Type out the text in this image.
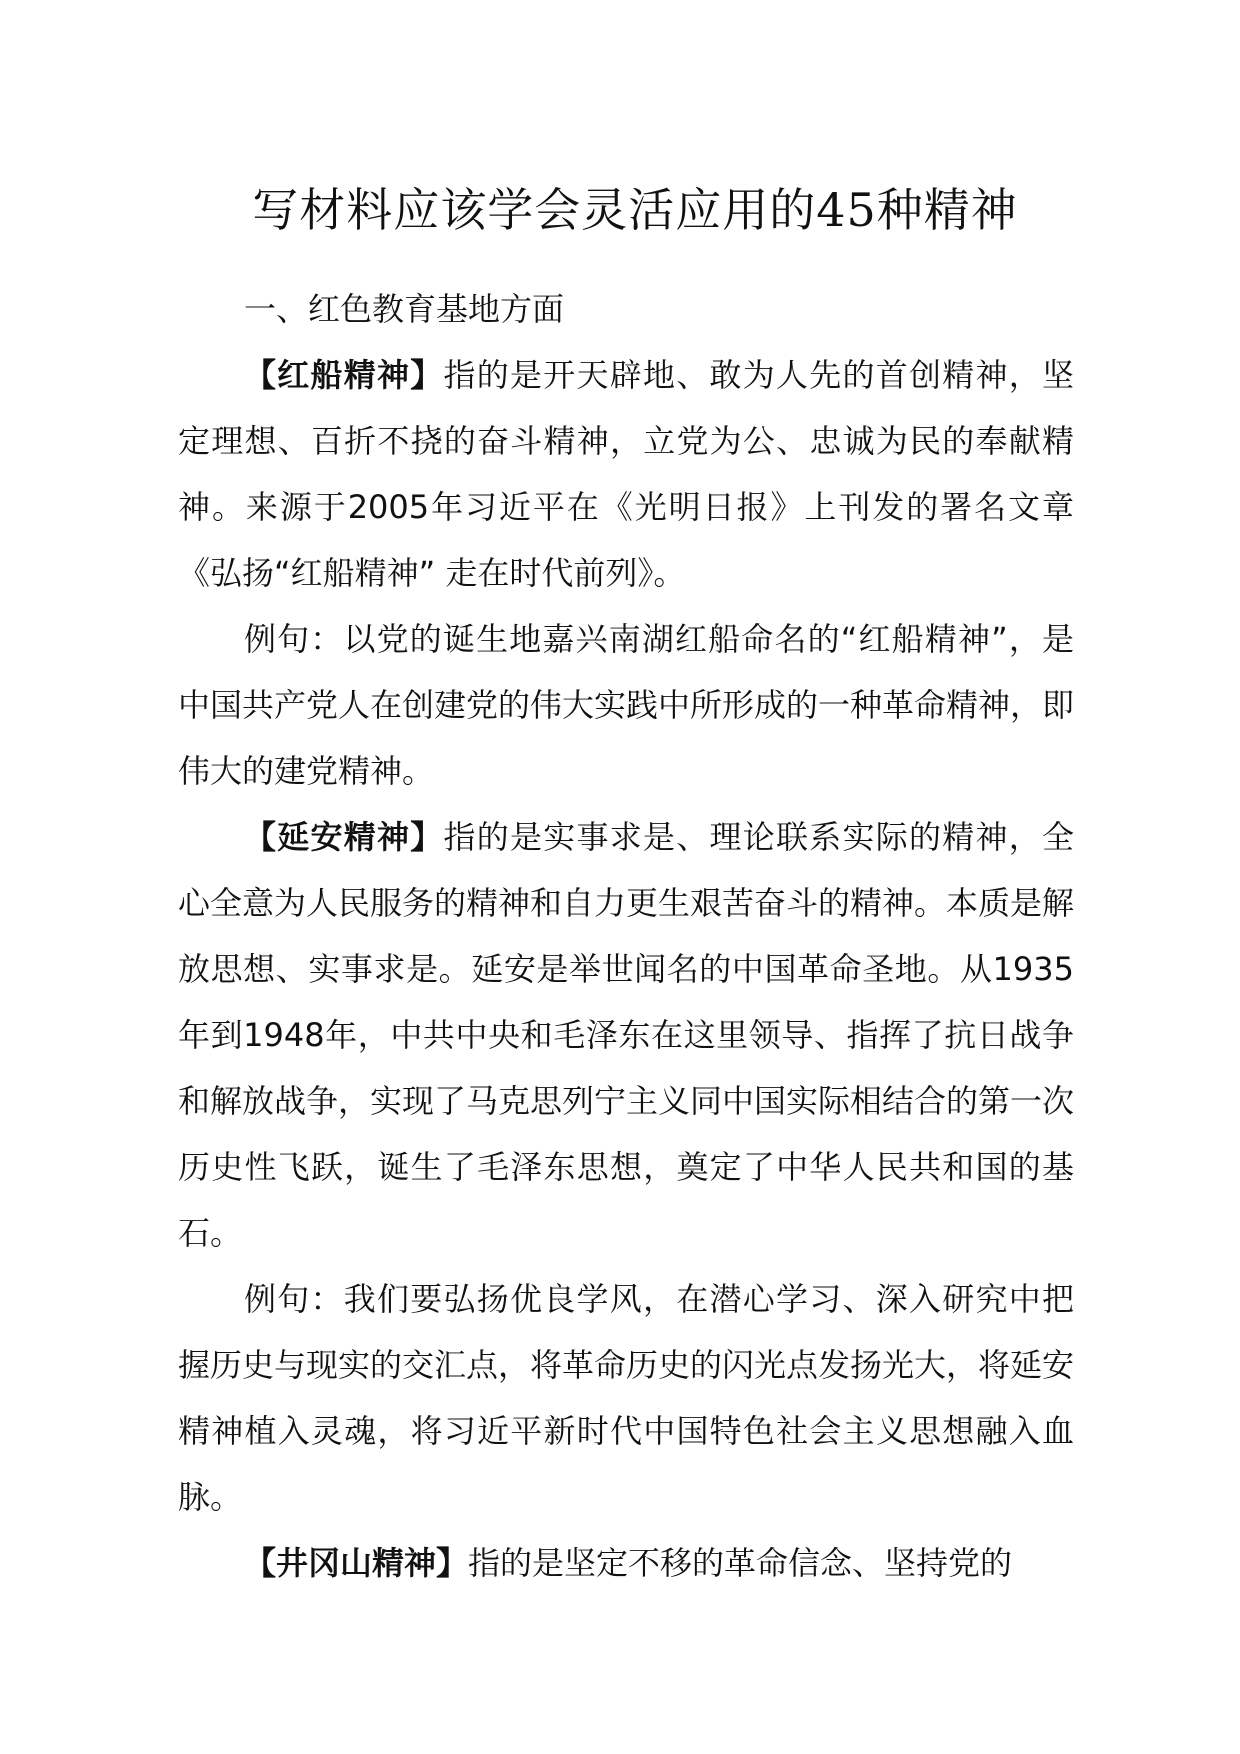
写材料应该学会灵活应用的45种精神
一、红色教育基地方面

【红船精神】指的是开天辟地、敢为人先的首创精神，坚定理想、百折不挠的奋斗精神，立党为公、忠诚为民的奉献精神。来源于2005年习近平在《光明日报》上刊发的署名文章《弘扬“红船精神” 走在时代前列》。

例句：以党的诞生地嘉兴南湖红船命名的“红船精神”，是中国共产党人在创建党的伟大实践中所形成的一种革命精神，即伟大的建党精神。

【延安精神】指的是实事求是、理论联系实际的精神，全心全意为人民服务的精神和自力更生艰苦奋斗的精神。本质是解放思想、实事求是。延安是举世闻名的中国革命圣地。从1935年到1948年，中共中央和毛泽东在这里领导、指挥了抗日战争和解放战争，实现了马克思列宁主义同中国实际相结合的第一次历史性飞跃，诞生了毛泽东思想，奠定了中华人民共和国的基石。

例句：我们要弘扬优良学风，在潜心学习、深入研究中把握历史与现实的交汇点，将革命历史的闪光点发扬光大，将延安精神植入灵魂，将习近平新时代中国特色社会主义思想融入血脉。

【井冈山精神】指的是坚定不移的革命信念、坚持党的
